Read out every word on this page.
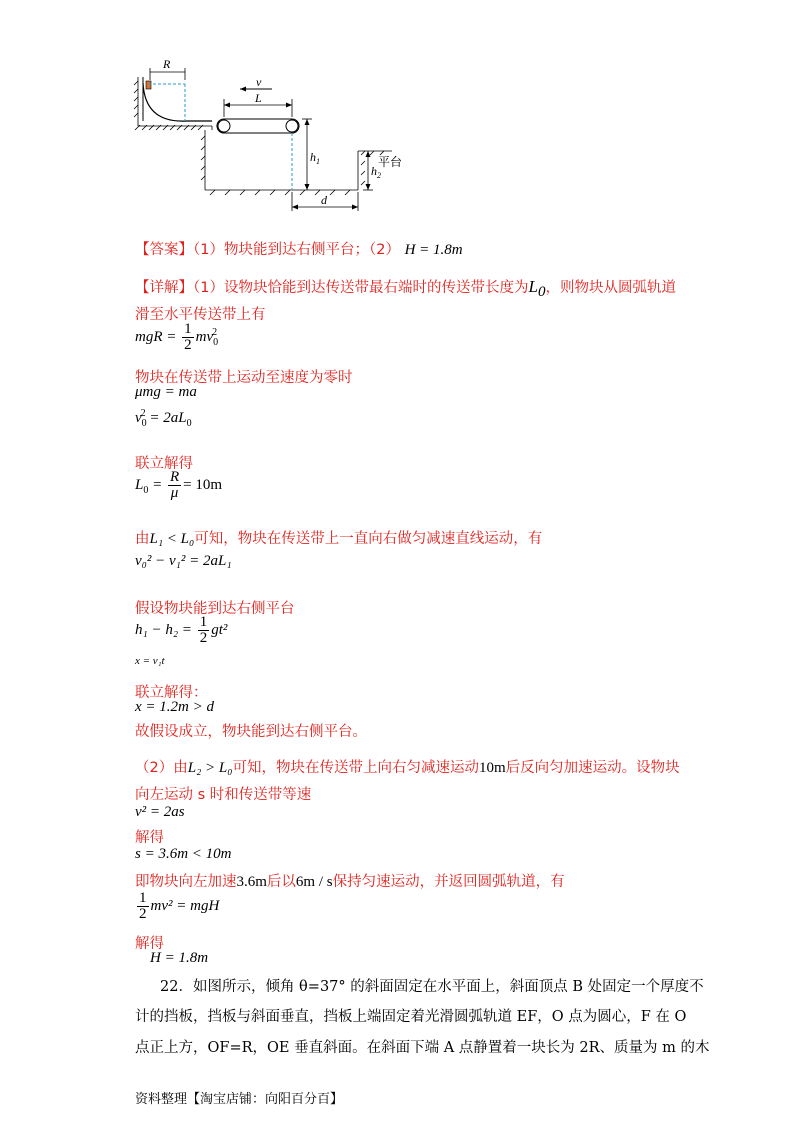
R
v
L
$h_1$
$h_2$
平台
d
【答案】（1）物块能到达右侧平台；（2） H = 1.8m
【详解】（1）设物块恰能到达传送带最右端时的传送带长度为$L_0$，则物块从圆弧轨道
滑至水平传送带上有
mgR = $\frac{1}{2} mv_0^2$
物块在传送带上运动至速度为零时
μmg = ma
$v_0^2 = 2aL_0$
联立解得
$L_0 = \frac{R}{\mu} = 10m$
由L₁ < L₀可知，物块在传送带上一直向右做匀减速直线运动，有
v₀² − v₁² = 2aL₁
假设物块能到达右侧平台
$h_1 - h_2 = \frac{1}{2} gt^2$
x = v₁t
联立解得：
x = 1.2m > d
故假设成立，物块能到达右侧平台。
（2）由L₂ > L₀可知，物块在传送带上向右匀减速运动10m后反向匀加速运动。设物块
向左运动 s 时和传送带等速
v² = 2as
解得
s = 3.6m < 10m
即物块向左加速3.6m后以6m / s保持匀速运动，并返回圆弧轨道，有
$\frac{1}{2} mv^2$ = mgH
解得
H = 1.8m
22．如图所示，倾角 θ=37° 的斜面固定在水平面上，斜面顶点 B 处固定一个厚度不
计的挡板，挡板与斜面垂直，挡板上端固定着光滑圆弧轨道 EF，O 点为圆心，F 在 O
点正上方，OF=R，OE 垂直斜面。在斜面下端 A 点静置着一块长为 2R、质量为 m 的木
资料整理【淘宝店铺：向阳百分百】
